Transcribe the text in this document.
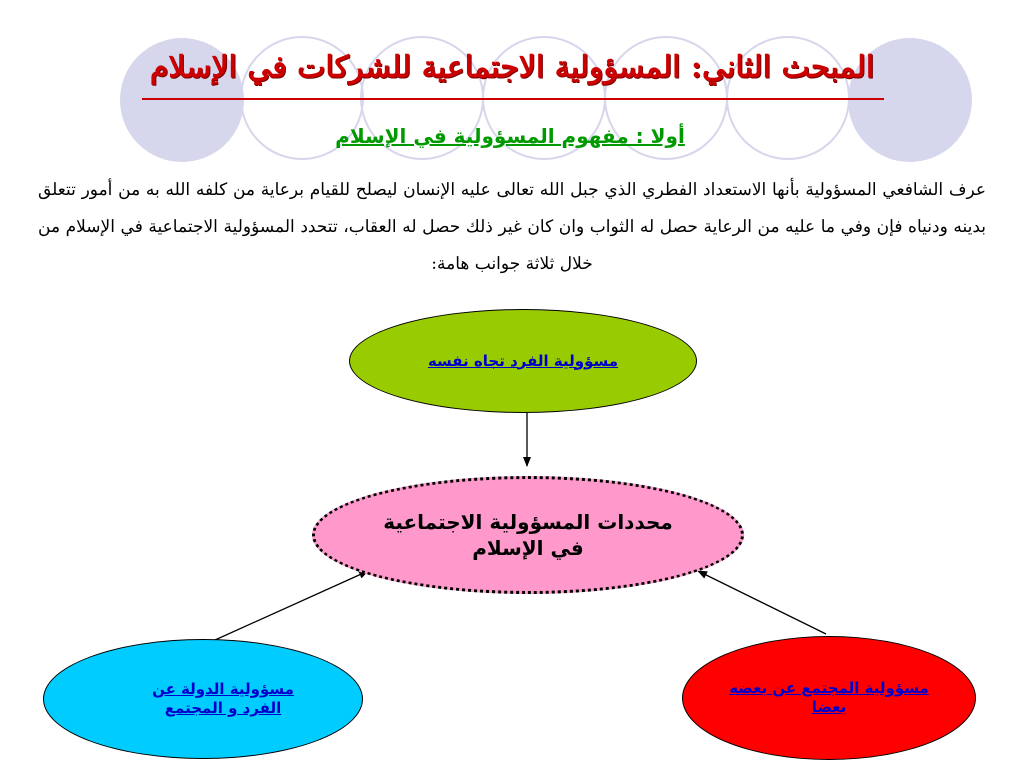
المبحث الثاني: المسؤولية الاجتماعية للشركات في الإسلام
أولا : مفهوم المسؤولية في الإسلام

عرف الشافعي المسؤولية بأنها الاستعداد الفطري الذي جبل الله تعالى عليه الإنسان ليصلح للقيام برعاية من كلفه الله به من أمور تتعلق بدينه ودنياه فإن وفي ما عليه من الرعاية حصل له الثواب وان كان غير ذلك حصل له العقاب، تتحدد المسؤولية الاجتماعية في الإسلام من خلال ثلاثة جوانب هامة:

مسؤولية الفرد تجاه نفسه
محددات المسؤولية الاجتماعية في الإسلام
مسؤولية الدولة عن الفرد و المجتمع
مسؤولية المجتمع عن بعضه بعضا
